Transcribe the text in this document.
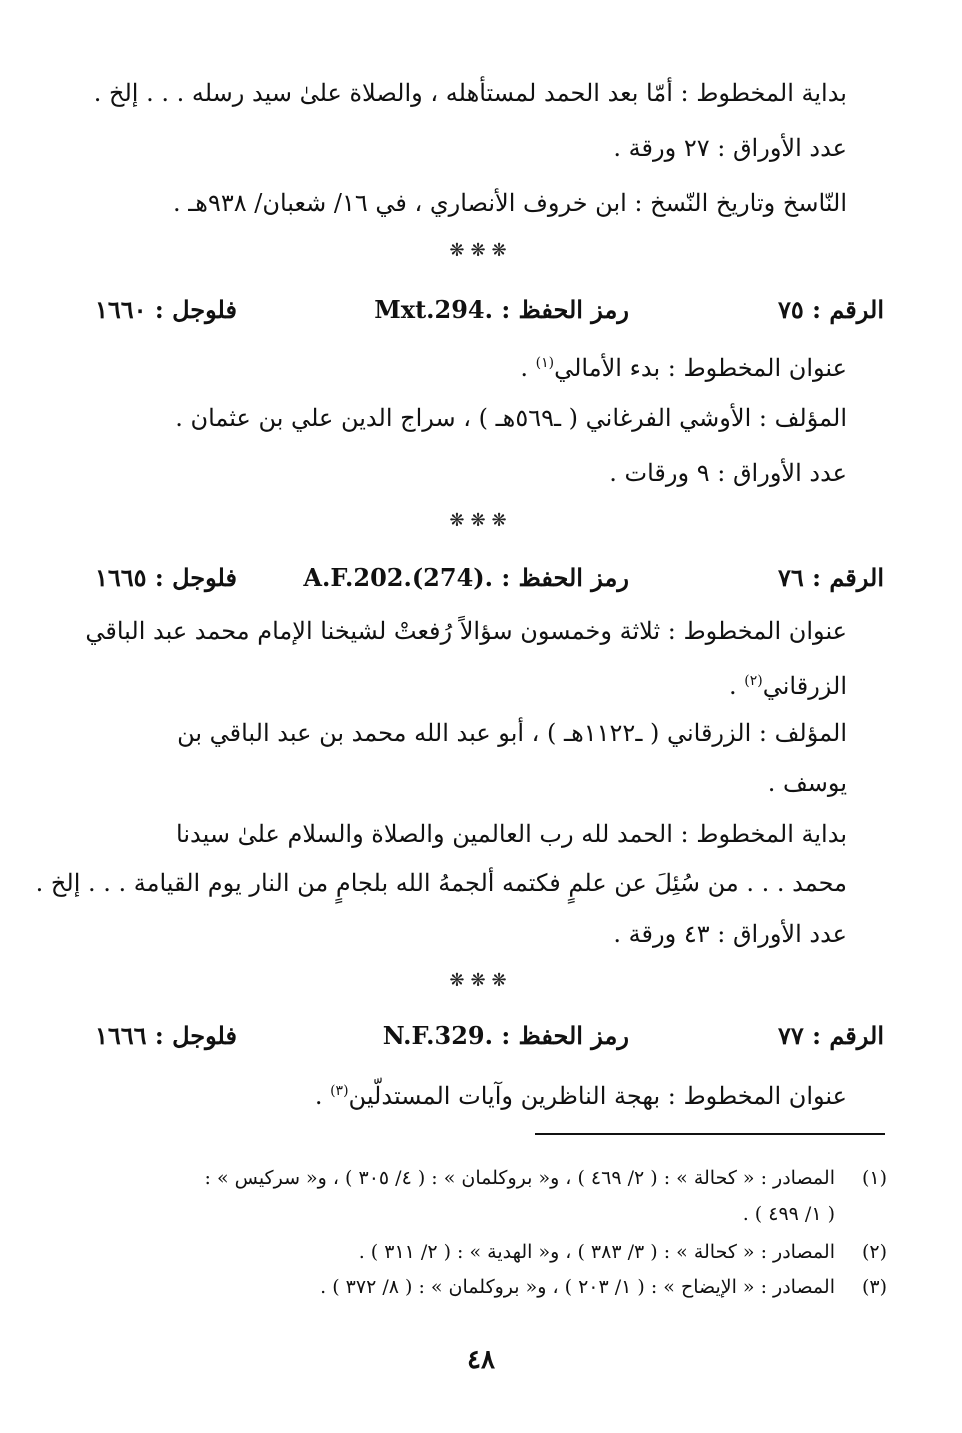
بداية المخطوط : أمّا بعد الحمد لمستأهله ، والصلاة علىٰ سيد رسله . . . إلخ .
عدد الأوراق : ٢٧ ورقة .
النّاسخ وتاريخ النّسخ : ابن خروف الأنصاري ، في ١٦/ شعبان/ ٩٣٨هـ .
❋❋❋
الرقم : ٧٥
رمز الحفظ : .Mxt.294
فلوجل : ١٦٦٠
عنوان المخطوط : بدء الأمالي$^{(١)}$ .
المؤلف : الأوشي الفرغاني ( ـ٥٦٩هـ ) ، سراج الدين علي بن عثمان .
عدد الأوراق : ٩ ورقات .
❋❋❋
الرقم : ٧٦
رمز الحفظ : .A.F.202.(274)
فلوجل : ١٦٦٥
عنوان المخطوط : ثلاثة وخمسون سؤالاً رُفعتْ لشيخنا الإمام محمد عبد الباقي
الزرقاني$^{(٢)}$ .
المؤلف : الزرقاني ( ـ١١٢٢هـ ) ، أبو عبد الله محمد بن عبد الباقي بن
يوسف .
بداية المخطوط : الحمد لله رب العالمين والصلاة والسلام علىٰ سيدنا
محمد . . . من سُئِلَ عن علمٍ فكتمه ألجمهُ الله بلجامٍ من النار يوم القيامة . . . إلخ .
عدد الأوراق : ٤٣ ورقة .
❋❋❋
الرقم : ٧٧
رمز الحفظ : .N.F.329
فلوجل : ١٦٦٦
عنوان المخطوط : بهجة الناظرين وآيات المستدلّين$^{(٣)}$ .
(١)المصادر : « كحالة » : ( ٢/ ٤٦٩ ) ، و« بروكلمان » : ( ٤/ ٣٠٥ ) ، و« سركيس » :
( ١/ ٤٩٩ ) .
(٢)المصادر : « كحالة » : ( ٣/ ٣٨٣ ) ، و« الهدية » : ( ٢/ ٣١١ ) .
(٣)المصادر : « الإيضاح » : ( ١/ ٢٠٣ ) ، و« بروكلمان » : ( ٨/ ٣٧٢ ) .
٤٨
